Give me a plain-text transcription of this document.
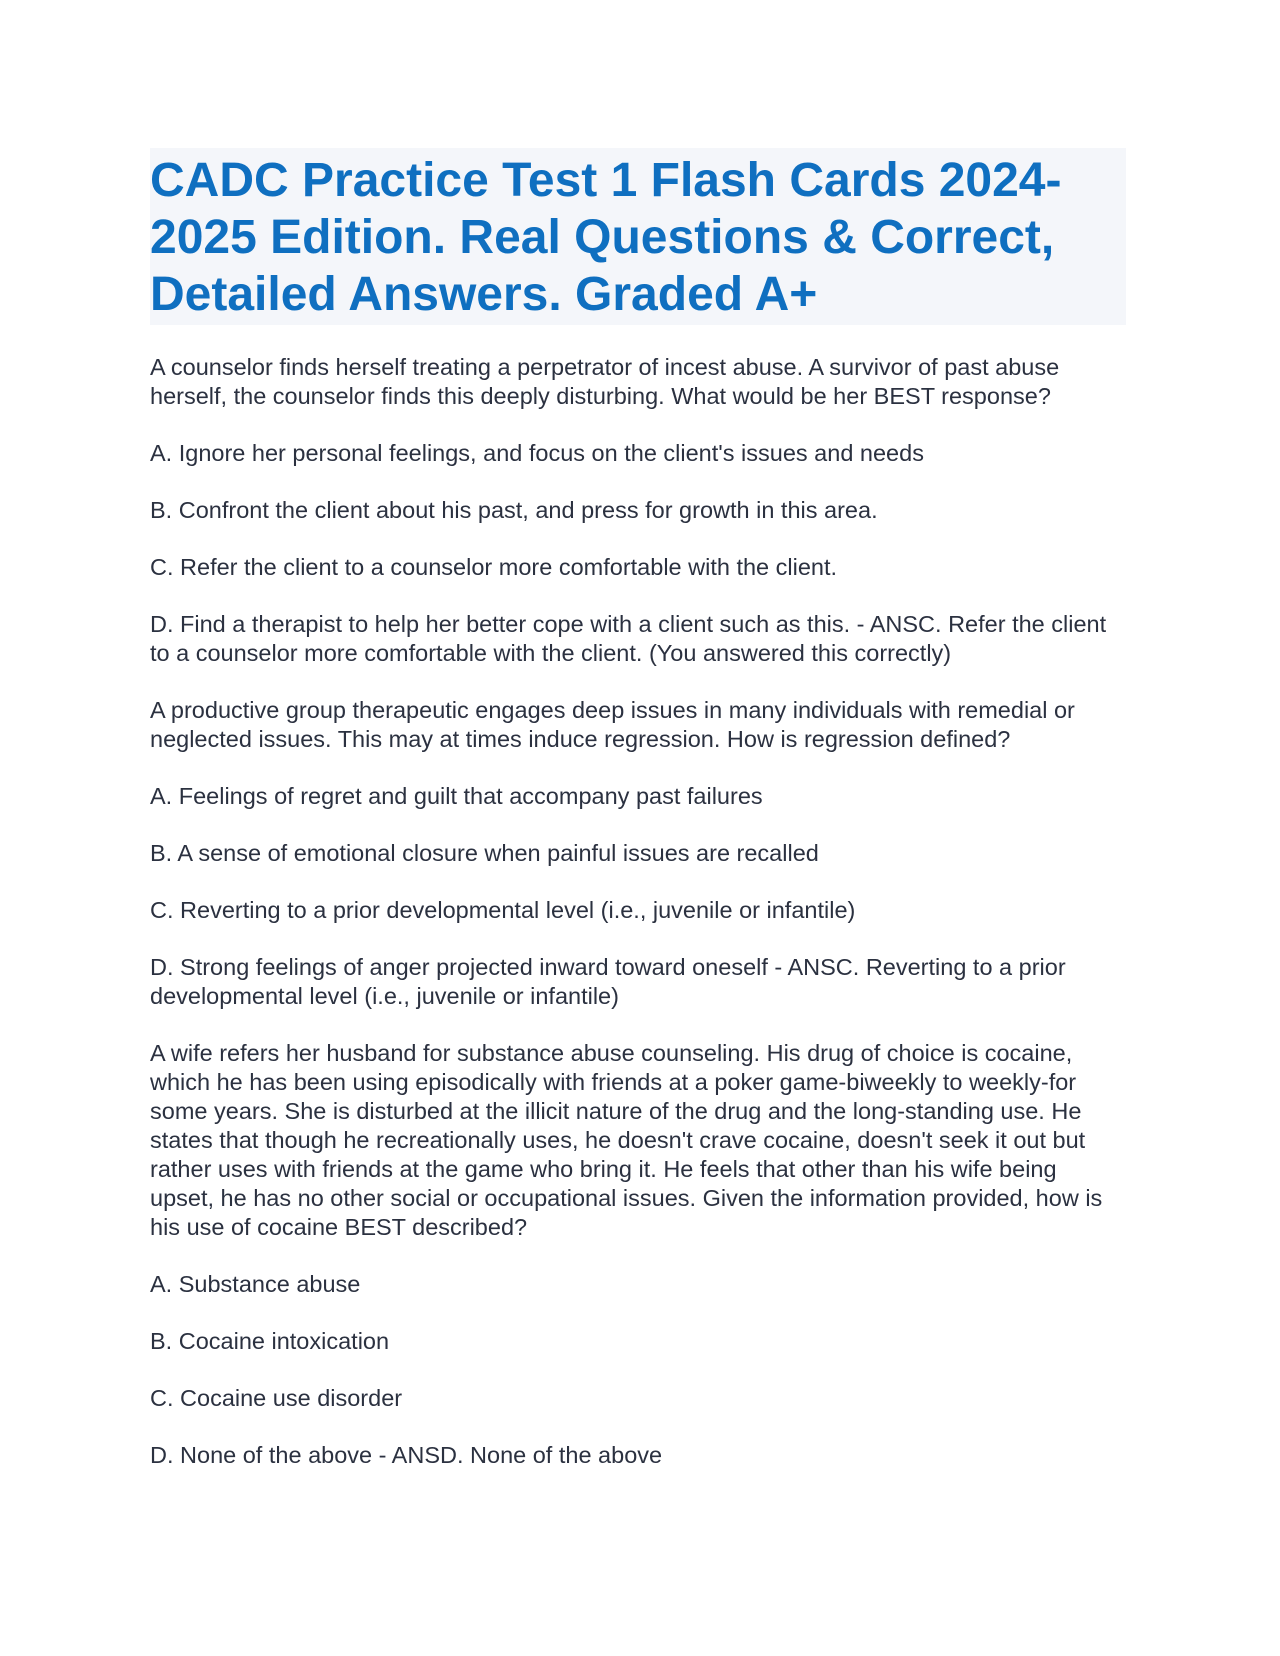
CADC Practice Test 1 Flash Cards 2024-2025 Edition. Real Questions & Correct, Detailed Answers. Graded A+

A counselor finds herself treating a perpetrator of incest abuse. A survivor of past abuse herself, the counselor finds this deeply disturbing. What would be her BEST response?

A. Ignore her personal feelings, and focus on the client's issues and needs

B. Confront the client about his past, and press for growth in this area.

C. Refer the client to a counselor more comfortable with the client.

D. Find a therapist to help her better cope with a client such as this. - ANSC. Refer the client to a counselor more comfortable with the client. (You answered this correctly)

A productive group therapeutic engages deep issues in many individuals with remedial or neglected issues. This may at times induce regression. How is regression defined?

A. Feelings of regret and guilt that accompany past failures

B. A sense of emotional closure when painful issues are recalled

C. Reverting to a prior developmental level (i.e., juvenile or infantile)

D. Strong feelings of anger projected inward toward oneself - ANSC. Reverting to a prior developmental level (i.e., juvenile or infantile)

A wife refers her husband for substance abuse counseling. His drug of choice is cocaine, which he has been using episodically with friends at a poker game-biweekly to weekly-for some years. She is disturbed at the illicit nature of the drug and the long-standing use. He states that though he recreationally uses, he doesn't crave cocaine, doesn't seek it out but rather uses with friends at the game who bring it. He feels that other than his wife being upset, he has no other social or occupational issues. Given the information provided, how is his use of cocaine BEST described?

A. Substance abuse

B. Cocaine intoxication

C. Cocaine use disorder

D. None of the above - ANSD. None of the above
